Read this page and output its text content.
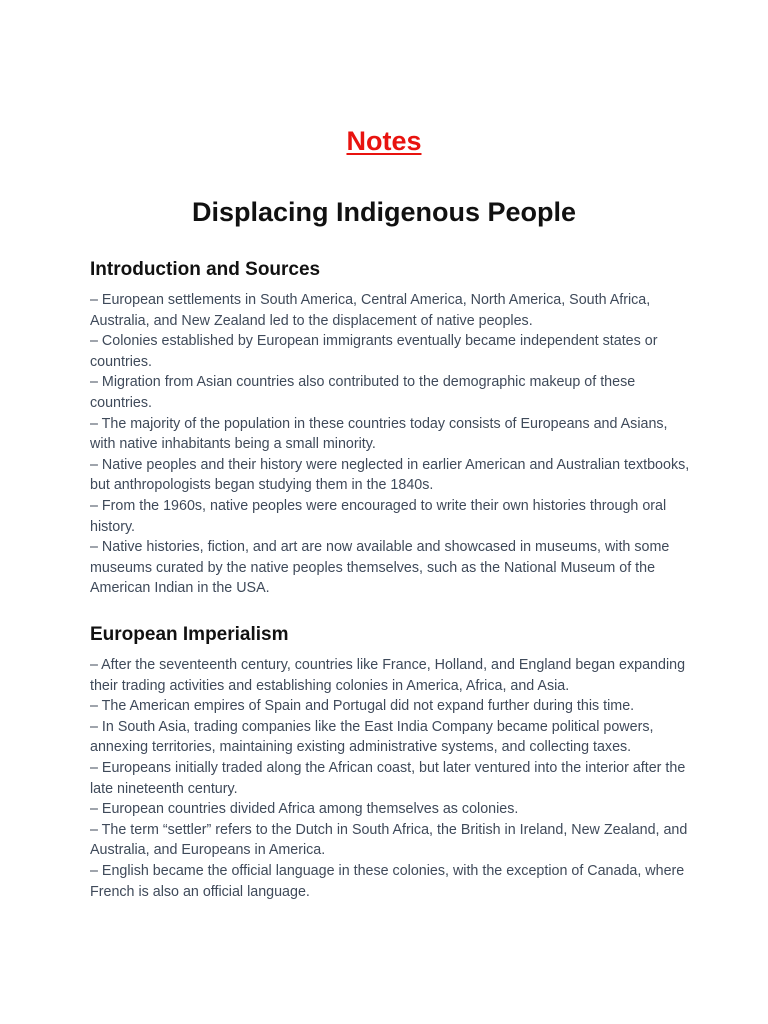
Notes
Displacing Indigenous People
Introduction and Sources
– European settlements in South America, Central America, North America, South Africa, Australia, and New Zealand led to the displacement of native peoples.
– Colonies established by European immigrants eventually became independent states or countries.
– Migration from Asian countries also contributed to the demographic makeup of these countries.
– The majority of the population in these countries today consists of Europeans and Asians, with native inhabitants being a small minority.
– Native peoples and their history were neglected in earlier American and Australian textbooks, but anthropologists began studying them in the 1840s.
– From the 1960s, native peoples were encouraged to write their own histories through oral history.
– Native histories, fiction, and art are now available and showcased in museums, with some museums curated by the native peoples themselves, such as the National Museum of the American Indian in the USA.
European Imperialism
– After the seventeenth century, countries like France, Holland, and England began expanding their trading activities and establishing colonies in America, Africa, and Asia.
– The American empires of Spain and Portugal did not expand further during this time.
– In South Asia, trading companies like the East India Company became political powers, annexing territories, maintaining existing administrative systems, and collecting taxes.
– Europeans initially traded along the African coast, but later ventured into the interior after the late nineteenth century.
– European countries divided Africa among themselves as colonies.
– The term “settler” refers to the Dutch in South Africa, the British in Ireland, New Zealand, and Australia, and Europeans in America.
– English became the official language in these colonies, with the exception of Canada, where French is also an official language.
